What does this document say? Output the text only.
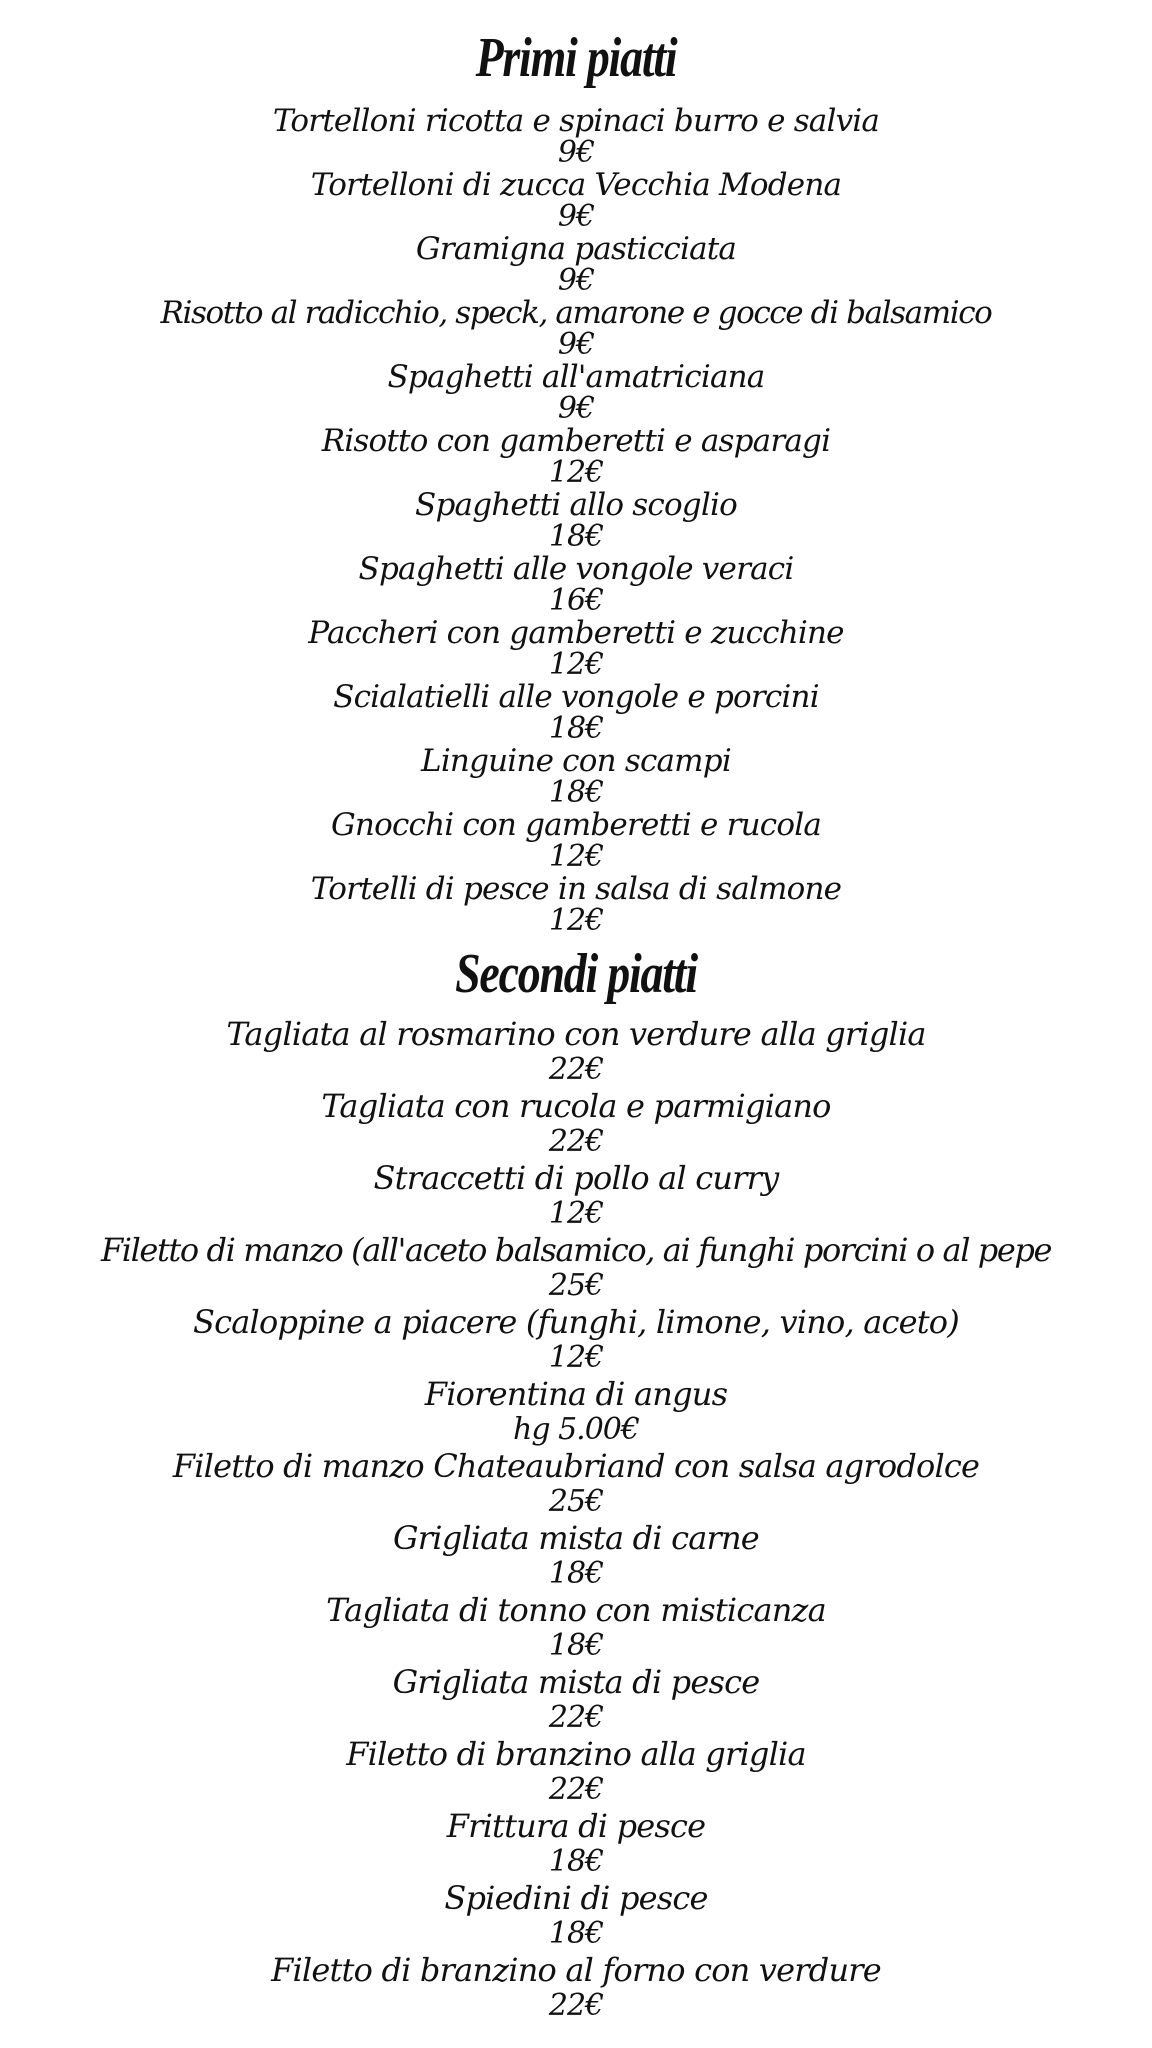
Primi piatti
Tortelloni ricotta e spinaci burro e salvia
9€
Tortelloni di zucca Vecchia Modena
9€
Gramigna pasticciata
9€
Risotto al radicchio, speck, amarone e gocce di balsamico
9€
Spaghetti all'amatriciana
9€
Risotto con gamberetti e asparagi
12€
Spaghetti allo scoglio
18€
Spaghetti alle vongole veraci
16€
Paccheri con gamberetti e zucchine
12€
Scialatielli alle vongole e porcini
18€
Linguine con scampi
18€
Gnocchi con gamberetti e rucola
12€
Tortelli di pesce in salsa di salmone
12€
Secondi piatti
Tagliata al rosmarino con verdure alla griglia
22€
Tagliata con rucola e parmigiano
22€
Straccetti di pollo al curry
12€
Filetto di manzo (all'aceto balsamico, ai funghi porcini o al pepe
25€
Scaloppine a piacere (funghi, limone, vino, aceto)
12€
Fiorentina di angus
hg 5.00€
Filetto di manzo Chateaubriand con salsa agrodolce
25€
Grigliata mista di carne
18€
Tagliata di tonno con misticanza
18€
Grigliata mista di pesce
22€
Filetto di branzino alla griglia
22€
Frittura di pesce
18€
Spiedini di pesce
18€
Filetto di branzino al forno con verdure
22€
